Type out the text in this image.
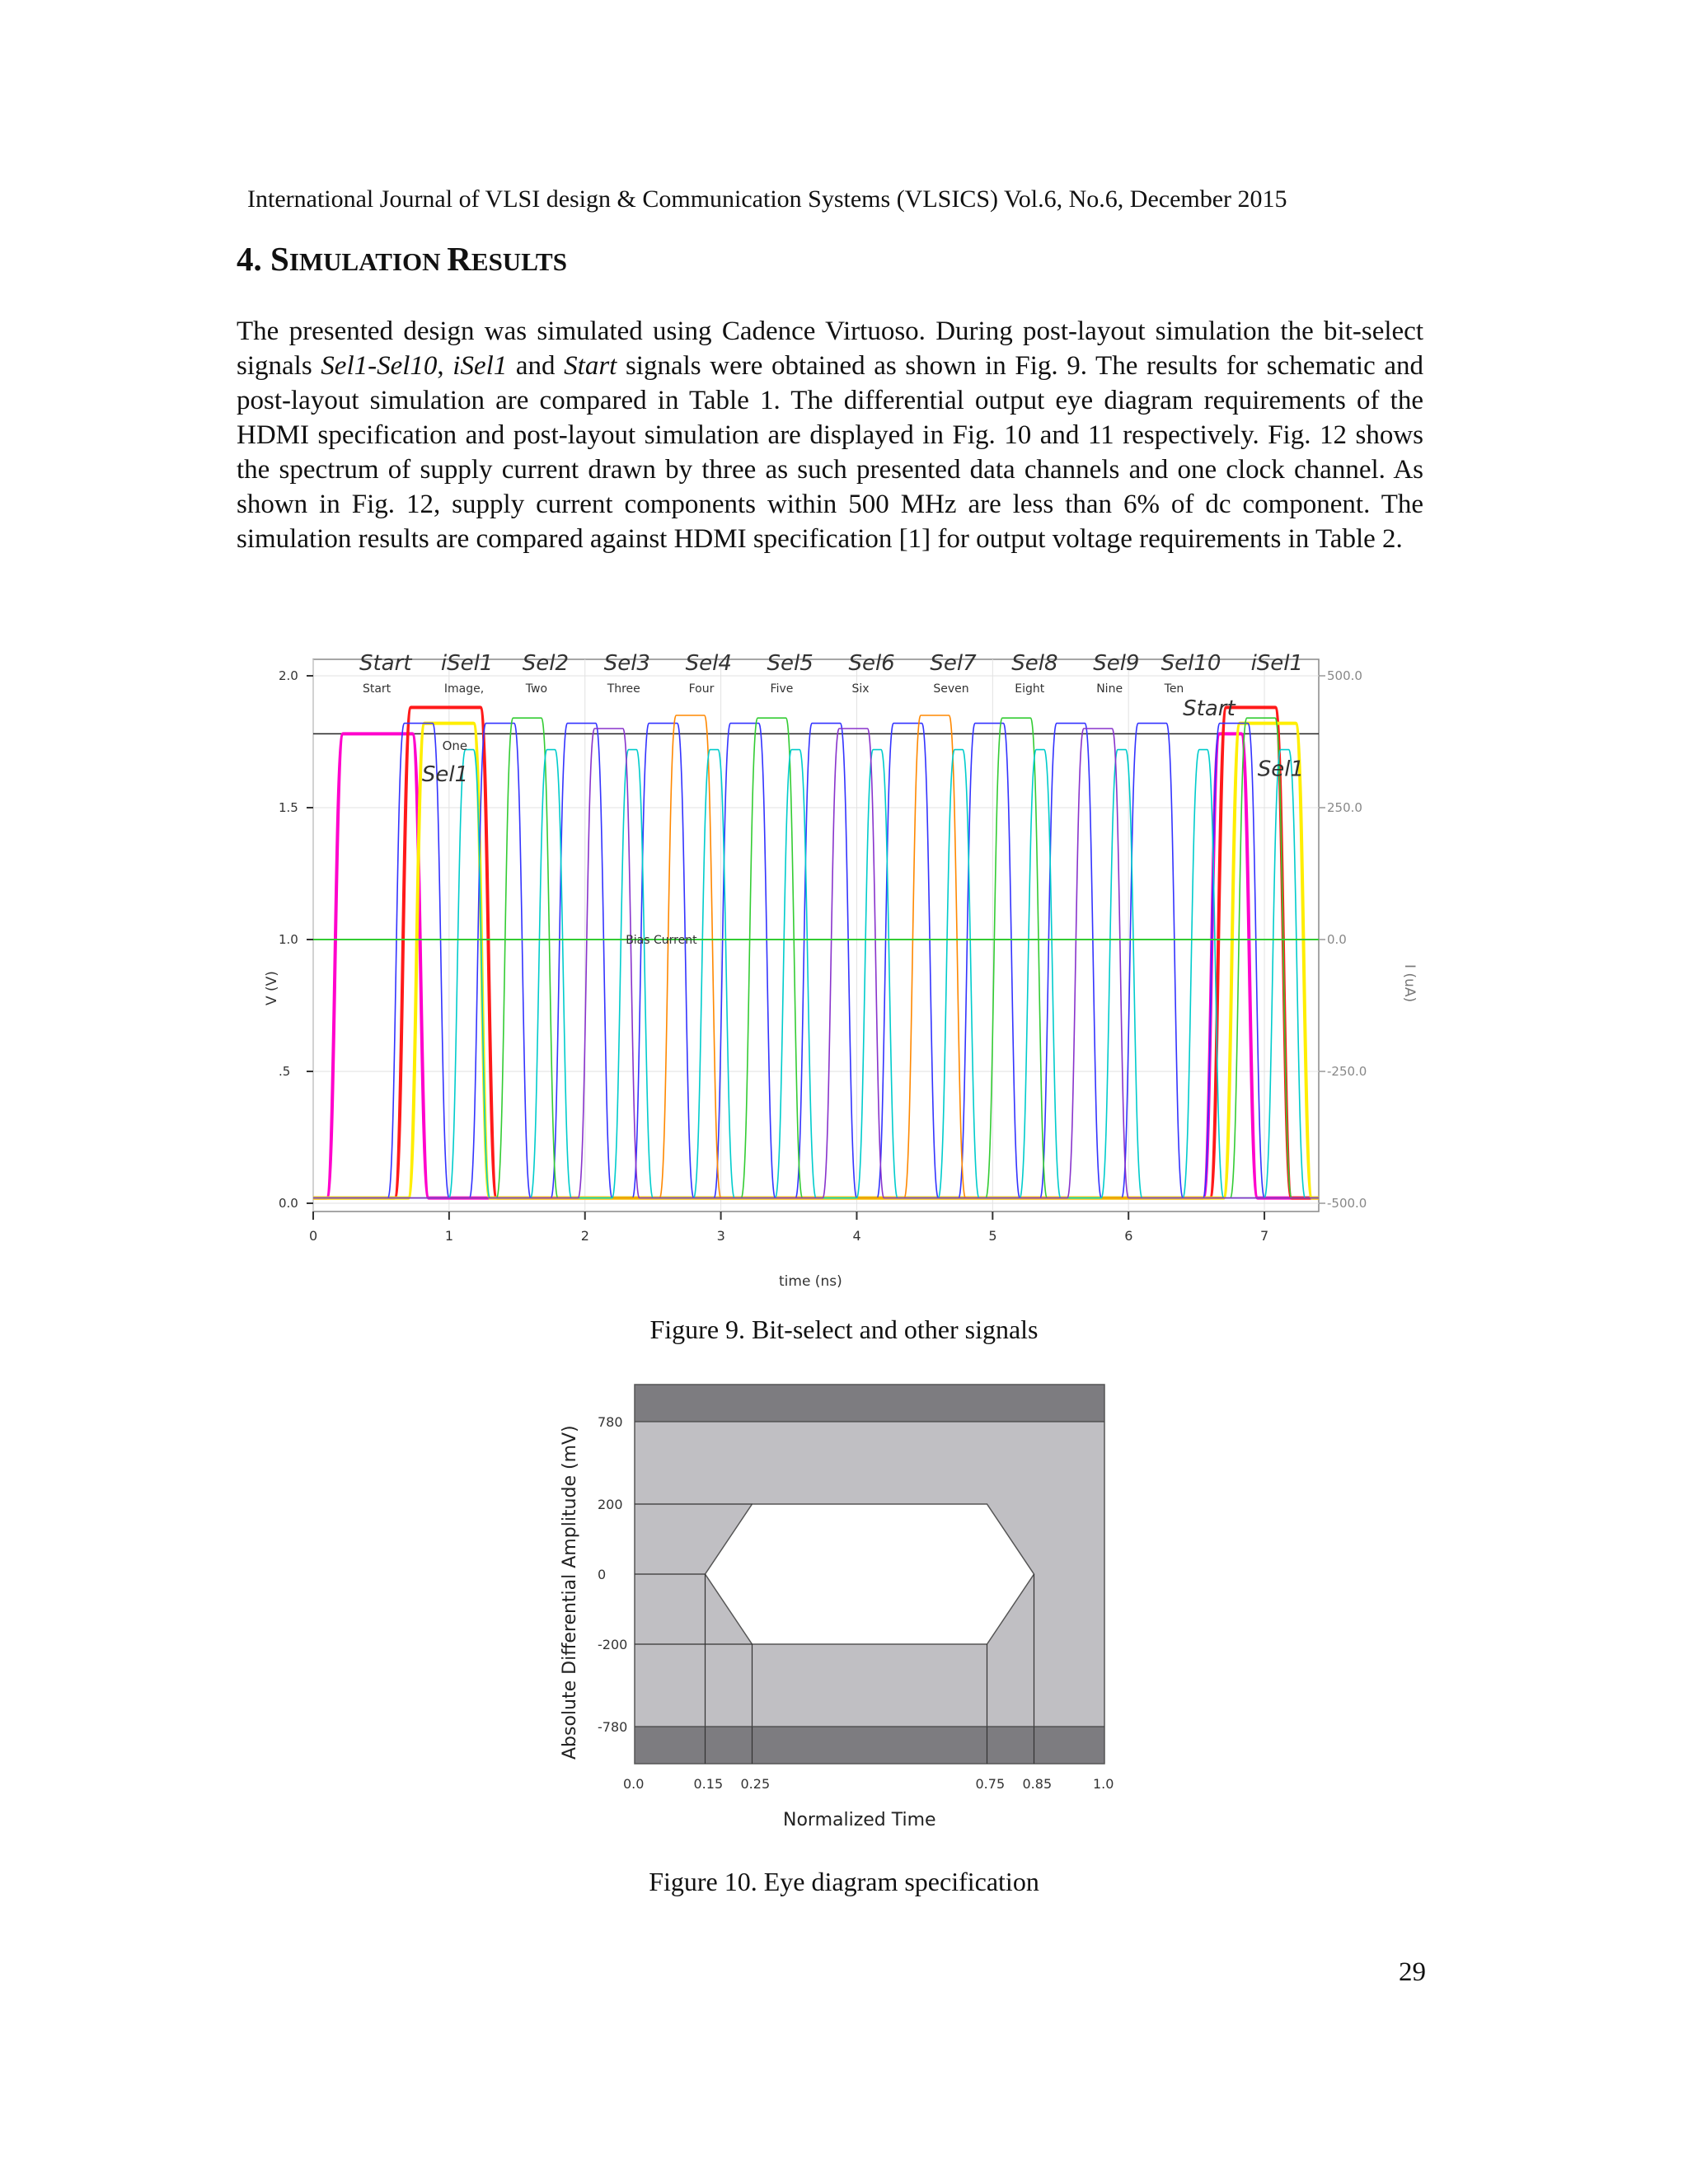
International Journal of VLSI design & Communication Systems (VLSICS) Vol.6, No.6, December 2015
4. SIMULATION RESULTS

The presented design was simulated using Cadence Virtuoso. During post-layout simulation the bit-select signals Sel1-Sel10, iSel1 and Start signals were obtained as shown in Fig. 9. The results for schematic and post-layout simulation are compared in Table 1. The differential output eye diagram requirements of the HDMI specification and post-layout simulation are displayed in Fig. 10 and 11 respectively. Fig. 12 shows the spectrum of supply current drawn by three as such presented data channels and one clock channel. As shown in Fig. 12, supply current components within 500 MHz are less than 6% of dc component. The simulation results are compared against HDMI specification [1] for output voltage requirements in Table 2.

0	1	2	3	4	5	6	7
0.0
.5
1.0
1.5
2.0
-500.0
-250.0
0.0
250.0
500.0
Bias Current
Start
Start
iSel1
Image,
Sel2
Two
Sel3
Three
Sel4
Four
Sel5
Five
Sel6
Six
Sel7
Seven
Sel8
Eight
Sel9
Nine
Sel10
Ten
Sel1
One
Start
iSel1
Sel1
time (ns)
V (V)	I (uA)
Figure 9. Bit-select and other signals
0.0	0.15 0.25	0.75 0.85	1.0
780
200
0
-200
-780
Normalized Time
Absolute Differential Amplitude (mV)
Figure 10. Eye diagram specification
29
